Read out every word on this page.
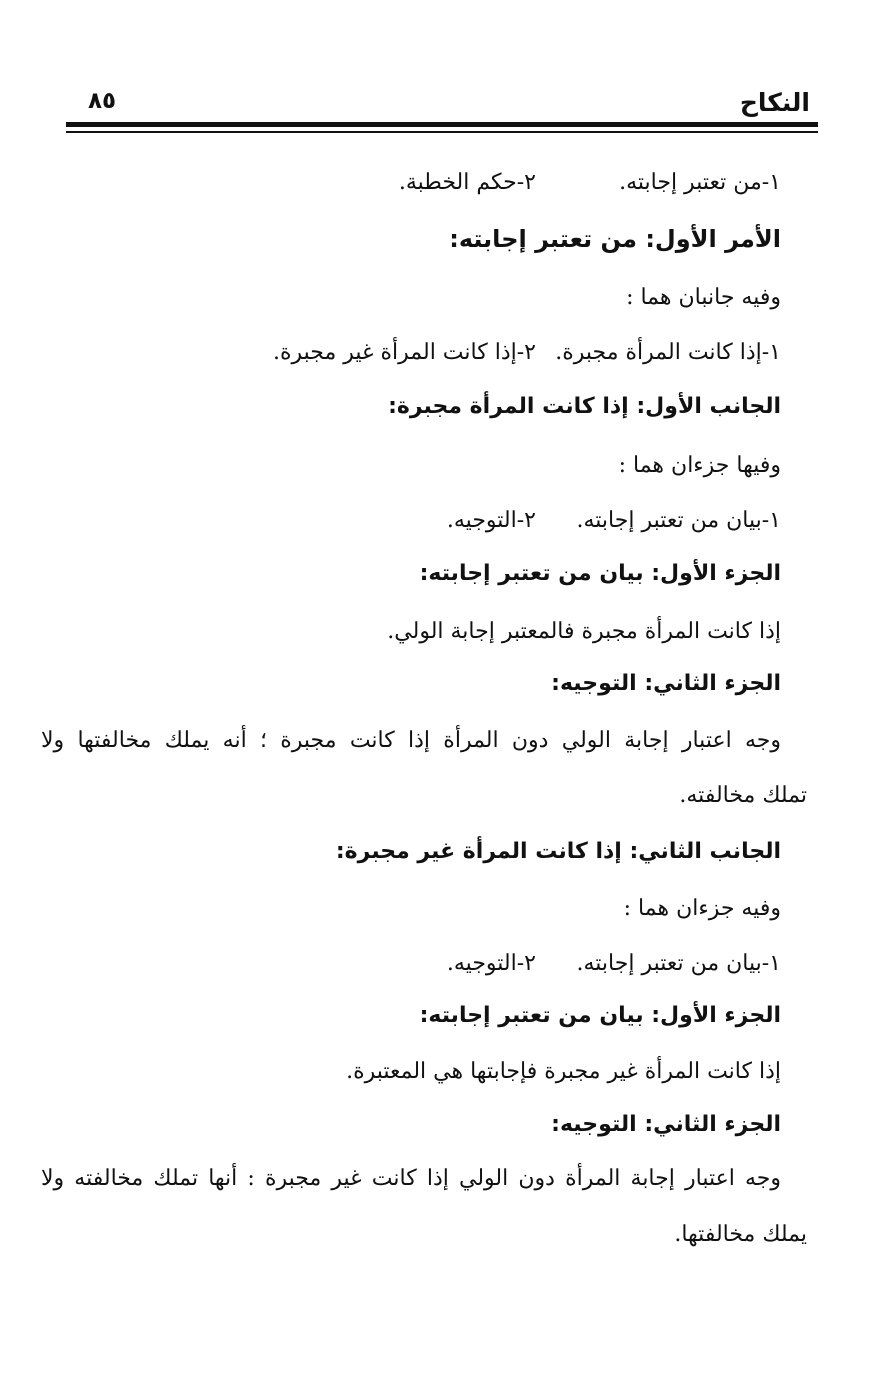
النكاح
٨٥
١-من تعتبر إجابته.٢-حكم الخطبة.
الأمر الأول: من تعتبر إجابته:
وفيه جانبان هما :
١-إذا كانت المرأة مجبرة.٢-إذا كانت المرأة غير مجبرة.
الجانب الأول: إذا كانت المرأة مجبرة:
وفيها جزءان هما :
١-بيان من تعتبر إجابته.٢-التوجيه.
الجزء الأول: بيان من تعتبر إجابته:
إذا كانت المرأة مجبرة فالمعتبر إجابة الولي.
الجزء الثاني: التوجيه:
وجه اعتبار إجابة الولي دون المرأة إذا كانت مجبرة ؛ أنه يملك مخالفتها ولا
تملك مخالفته.
الجانب الثاني: إذا كانت المرأة غير مجبرة:
وفيه جزءان هما :
١-بيان من تعتبر إجابته.٢-التوجيه.
الجزء الأول: بيان من تعتبر إجابته:
إذا كانت المرأة غير مجبرة فإجابتها هي المعتبرة.
الجزء الثاني: التوجيه:
وجه اعتبار إجابة المرأة دون الولي إذا كانت غير مجبرة : أنها تملك مخالفته ولا
يملك مخالفتها.
